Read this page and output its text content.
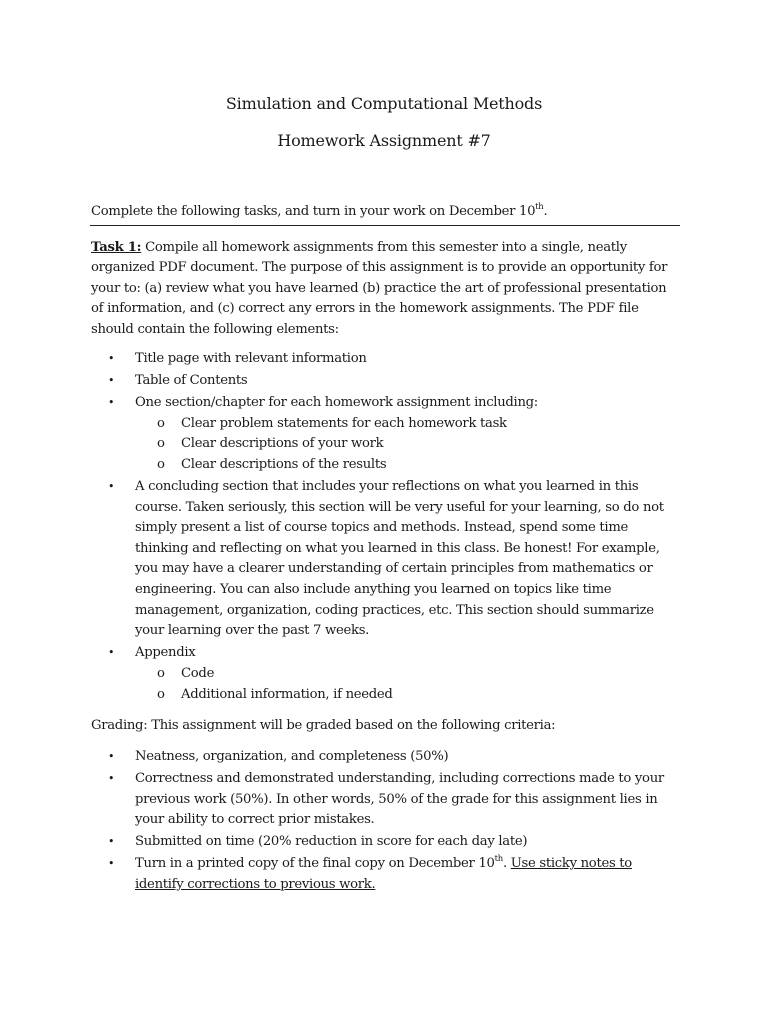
Simulation and Computational Methods
Homework Assignment #7
Complete the following tasks, and turn in your work on December 10th.
Task 1: Compile all homework assignments from this semester into a single, neatly organized PDF document. The purpose of this assignment is to provide an opportunity for your to: (a) review what you have learned (b) practice the art of professional presentation of information, and (c) correct any errors in the homework assignments. The PDF file should contain the following elements:
• Title page with relevant information
• Table of Contents
• One section/chapter for each homework assignment including:
o Clear problem statements for each homework task
o Clear descriptions of your work
o Clear descriptions of the results
• A concluding section that includes your reflections on what you learned in this course. Taken seriously, this section will be very useful for your learning, so do not simply present a list of course topics and methods. Instead, spend some time thinking and reflecting on what you learned in this class. Be honest! For example, you may have a clearer understanding of certain principles from mathematics or engineering. You can also include anything you learned on topics like time management, organization, coding practices, etc. This section should summarize your learning over the past 7 weeks.
• Appendix
o Code
o Additional information, if needed
Grading: This assignment will be graded based on the following criteria:
• Neatness, organization, and completeness (50%)
• Correctness and demonstrated understanding, including corrections made to your previous work (50%). In other words, 50% of the grade for this assignment lies in your ability to correct prior mistakes.
• Submitted on time (20% reduction in score for each day late)
• Turn in a printed copy of the final copy on December 10th. Use sticky notes to identify corrections to previous work.
